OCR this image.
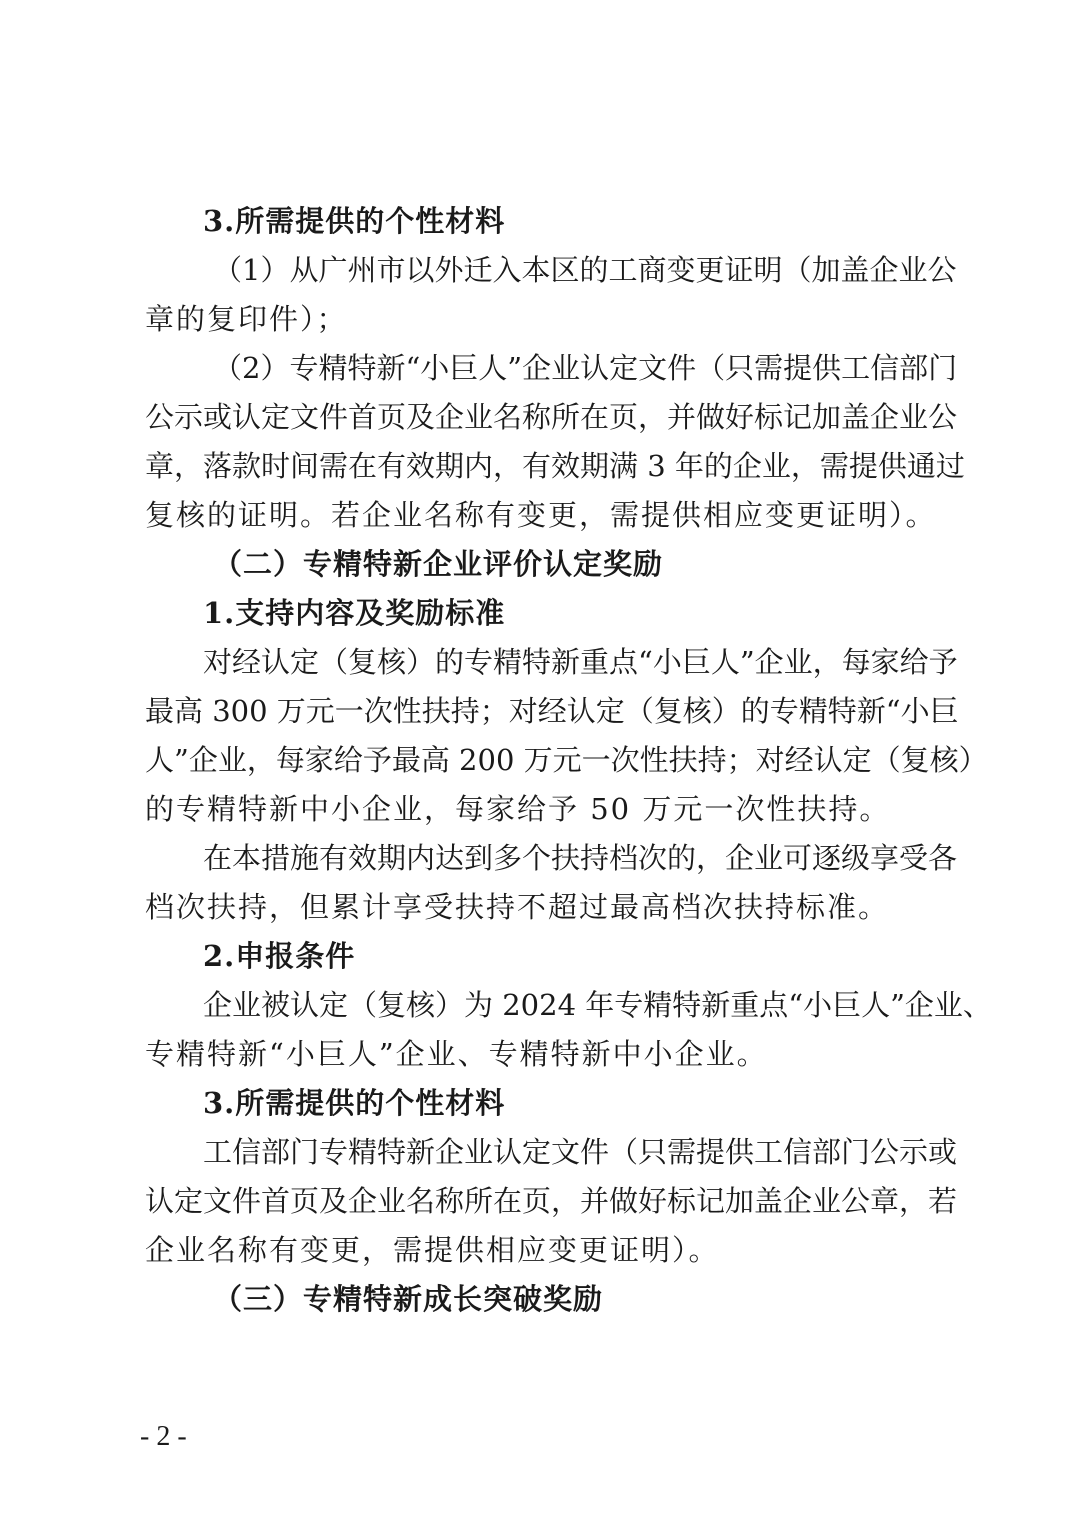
3.所需提供的个性材料
（1）从广州市以外迁入本区的工商变更证明（加盖企业公
章的复印件）；
（2）专精特新“小巨人”企业认定文件（只需提供工信部门
公示或认定文件首页及企业名称所在页，并做好标记加盖企业公
章，落款时间需在有效期内，有效期满 3 年的企业，需提供通过
复核的证明。若企业名称有变更，需提供相应变更证明）。
（二）专精特新企业评价认定奖励
1.支持内容及奖励标准
对经认定（复核）的专精特新重点“小巨人”企业，每家给予
最高 300 万元一次性扶持；对经认定（复核）的专精特新“小巨
人”企业，每家给予最高 200 万元一次性扶持；对经认定（复核）
的专精特新中小企业，每家给予 50 万元一次性扶持。
在本措施有效期内达到多个扶持档次的，企业可逐级享受各
档次扶持，但累计享受扶持不超过最高档次扶持标准。
2.申报条件
企业被认定（复核）为 2024 年专精特新重点“小巨人”企业、
专精特新“小巨人”企业、专精特新中小企业。
3.所需提供的个性材料
工信部门专精特新企业认定文件（只需提供工信部门公示或
认定文件首页及企业名称所在页，并做好标记加盖企业公章，若
企业名称有变更，需提供相应变更证明）。
（三）专精特新成长突破奖励
- 2 -
